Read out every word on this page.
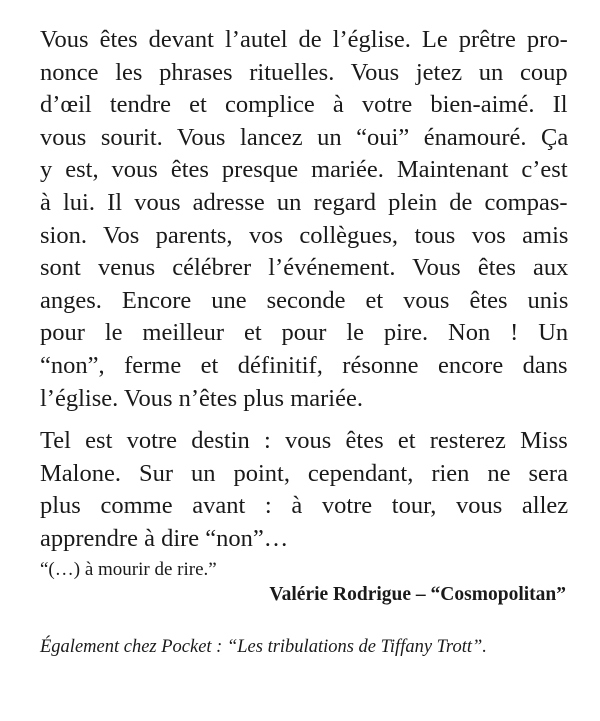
Vous êtes devant l’autel de l’église. Le prêtre pro-
nonce les phrases rituelles. Vous jetez un coup
d’œil tendre et complice à votre bien-aimé. Il
vous sourit. Vous lancez un “oui” énamouré. Ça
y est, vous êtes presque mariée. Maintenant c’est
à lui. Il vous adresse un regard plein de compas-
sion. Vos parents, vos collègues, tous vos amis
sont venus célébrer l’événement. Vous êtes aux
anges. Encore une seconde et vous êtes unis
pour le meilleur et pour le pire. Non ! Un
“non”, ferme et définitif, résonne encore dans
l’église. Vous n’êtes plus mariée.

Tel est votre destin : vous êtes et resterez Miss
Malone. Sur un point, cependant, rien ne sera
plus comme avant : à votre tour, vous allez
apprendre à dire “non”…

“(…) à mourir de rire.”

Valérie Rodrigue – “Cosmopolitan”

Également chez Pocket : “Les tribulations de Tiffany Trott”.
